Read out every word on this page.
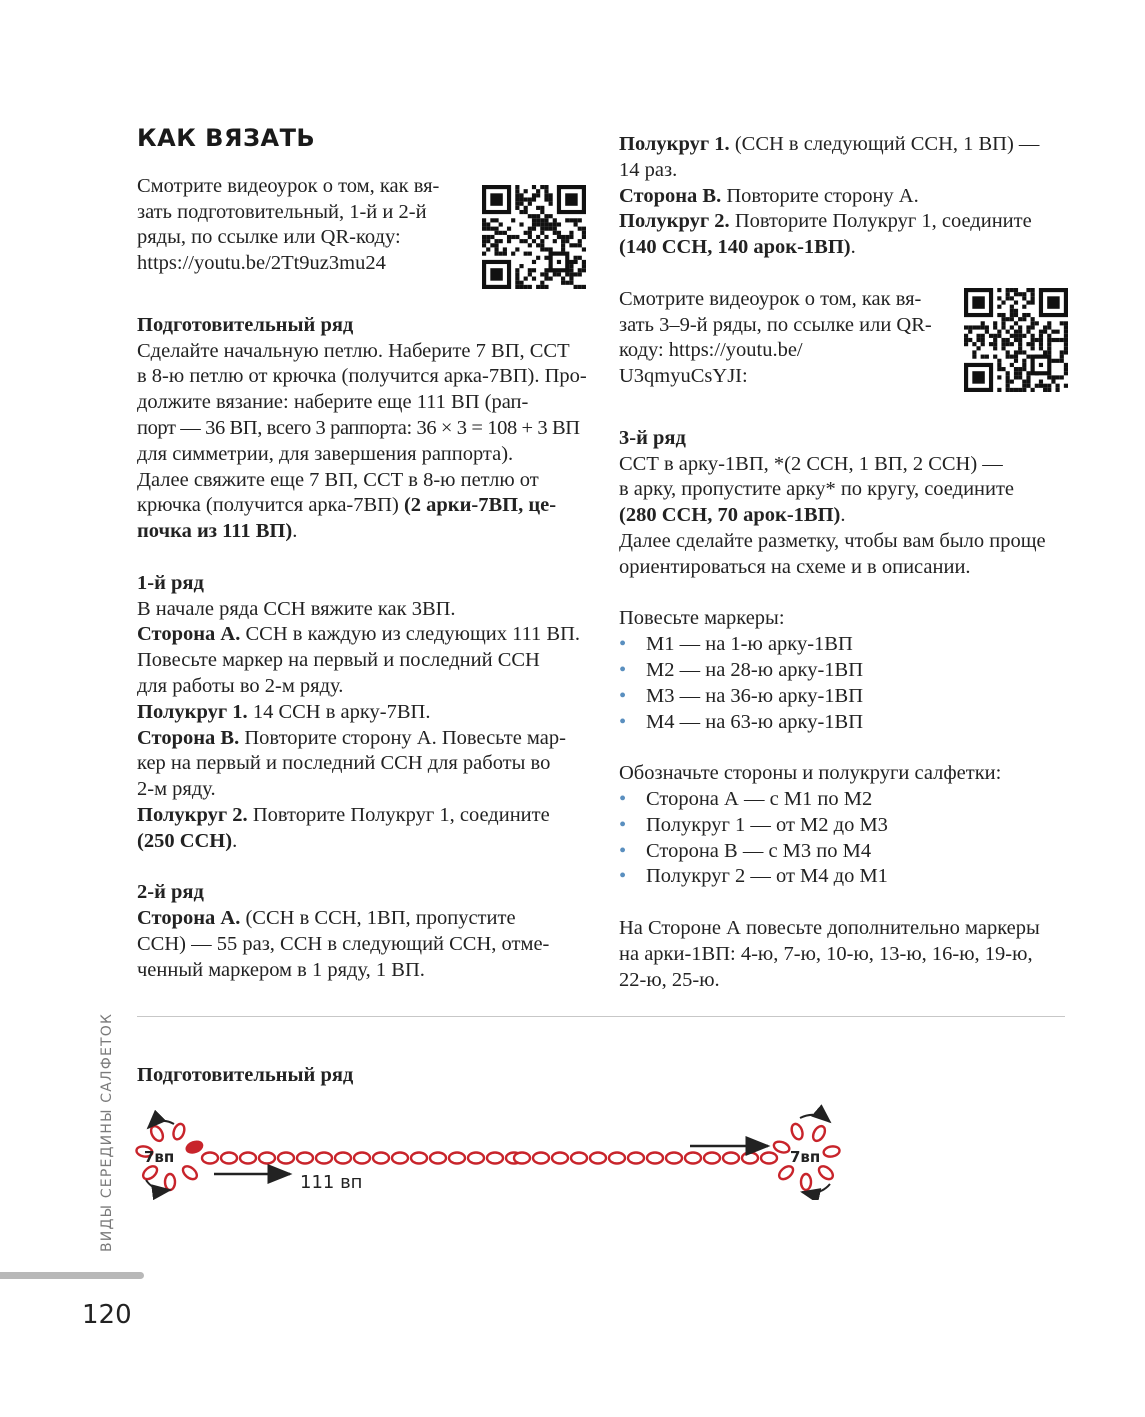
КАК ВЯЗАТЬ

Смотрите видеоурок о том, как вя-

зать подготовительный, 1-й и 2-й

ряды, по ссылке или QR-коду:

https://youtu.be/2Tt9uz3mu24

Подготовительный ряд

Сделайте начальную петлю. Наберите 7 ВП, ССТ

в 8-ю петлю от крючка (получится арка-7ВП). Про-

должите вязание: наберите еще 111 ВП (рап-

порт — 36 ВП, всего 3 раппорта: 36 × 3 = 108 + 3 ВП

для симметрии, для завершения раппорта).

Далее свяжите еще 7 ВП, ССТ в 8-ю петлю от

крючка (получится арка-7ВП) (2 арки-7ВП, це-

почка из 111 ВП).

1-й ряд

В начале ряда ССН вяжите как 3ВП.

Сторона А. ССН в каждую из следующих 111 ВП.

Повесьте маркер на первый и последний ССН

для работы во 2-м ряду.

Полукруг 1. 14 ССН в арку-7ВП.

Сторона В. Повторите сторону А. Повесьте мар-

кер на первый и последний ССН для работы во

2-м ряду.

Полукруг 2. Повторите Полукруг 1, соедините

(250 ССН).

2-й ряд

Сторона А. (ССН в ССН, 1ВП, пропустите

ССН) — 55 раз, ССН в следующий ССН, отме-

ченный маркером в 1 ряду, 1 ВП.

Полукруг 1. (ССН в следующий ССН, 1 ВП) —

14 раз.

Сторона В. Повторите сторону А.

Полукруг 2. Повторите Полукруг 1, соедините

(140 ССН, 140 арок-1ВП).

Смотрите видеоурок о том, как вя-

зать 3–9-й ряды, по ссылке или QR-

коду: https://youtu.be/

U3qmyuCsYJI:

3-й ряд

ССТ в арку-1ВП, *(2 ССН, 1 ВП, 2 ССН) —

в арку, пропустите арку* по кругу, соедините

(280 ССН, 70 арок-1ВП).

Далее сделайте разметку, чтобы вам было проще

ориентироваться на схеме и в описании.

Повесьте маркеры:

• М1 — на 1-ю арку-1ВП
• М2 — на 28-ю арку-1ВП
• М3 — на 36-ю арку-1ВП
• М4 — на 63-ю арку-1ВП

Обозначьте стороны и полукруги салфетки:

• Сторона А — с М1 по М2
• Полукруг 1 — от М2 до М3
• Сторона В — с М3 по М4
• Полукруг 2 — от М4 до М1

На Стороне А повесьте дополнительно маркеры

на арки-1ВП: 4-ю, 7-ю, 10-ю, 13-ю, 16-ю, 19-ю,

22-ю, 25-ю.

Подготовительный ряд
7вп	7вп
111 вп
ВИДЫ СЕРЕДИНЫ САЛФЕТОК
120
